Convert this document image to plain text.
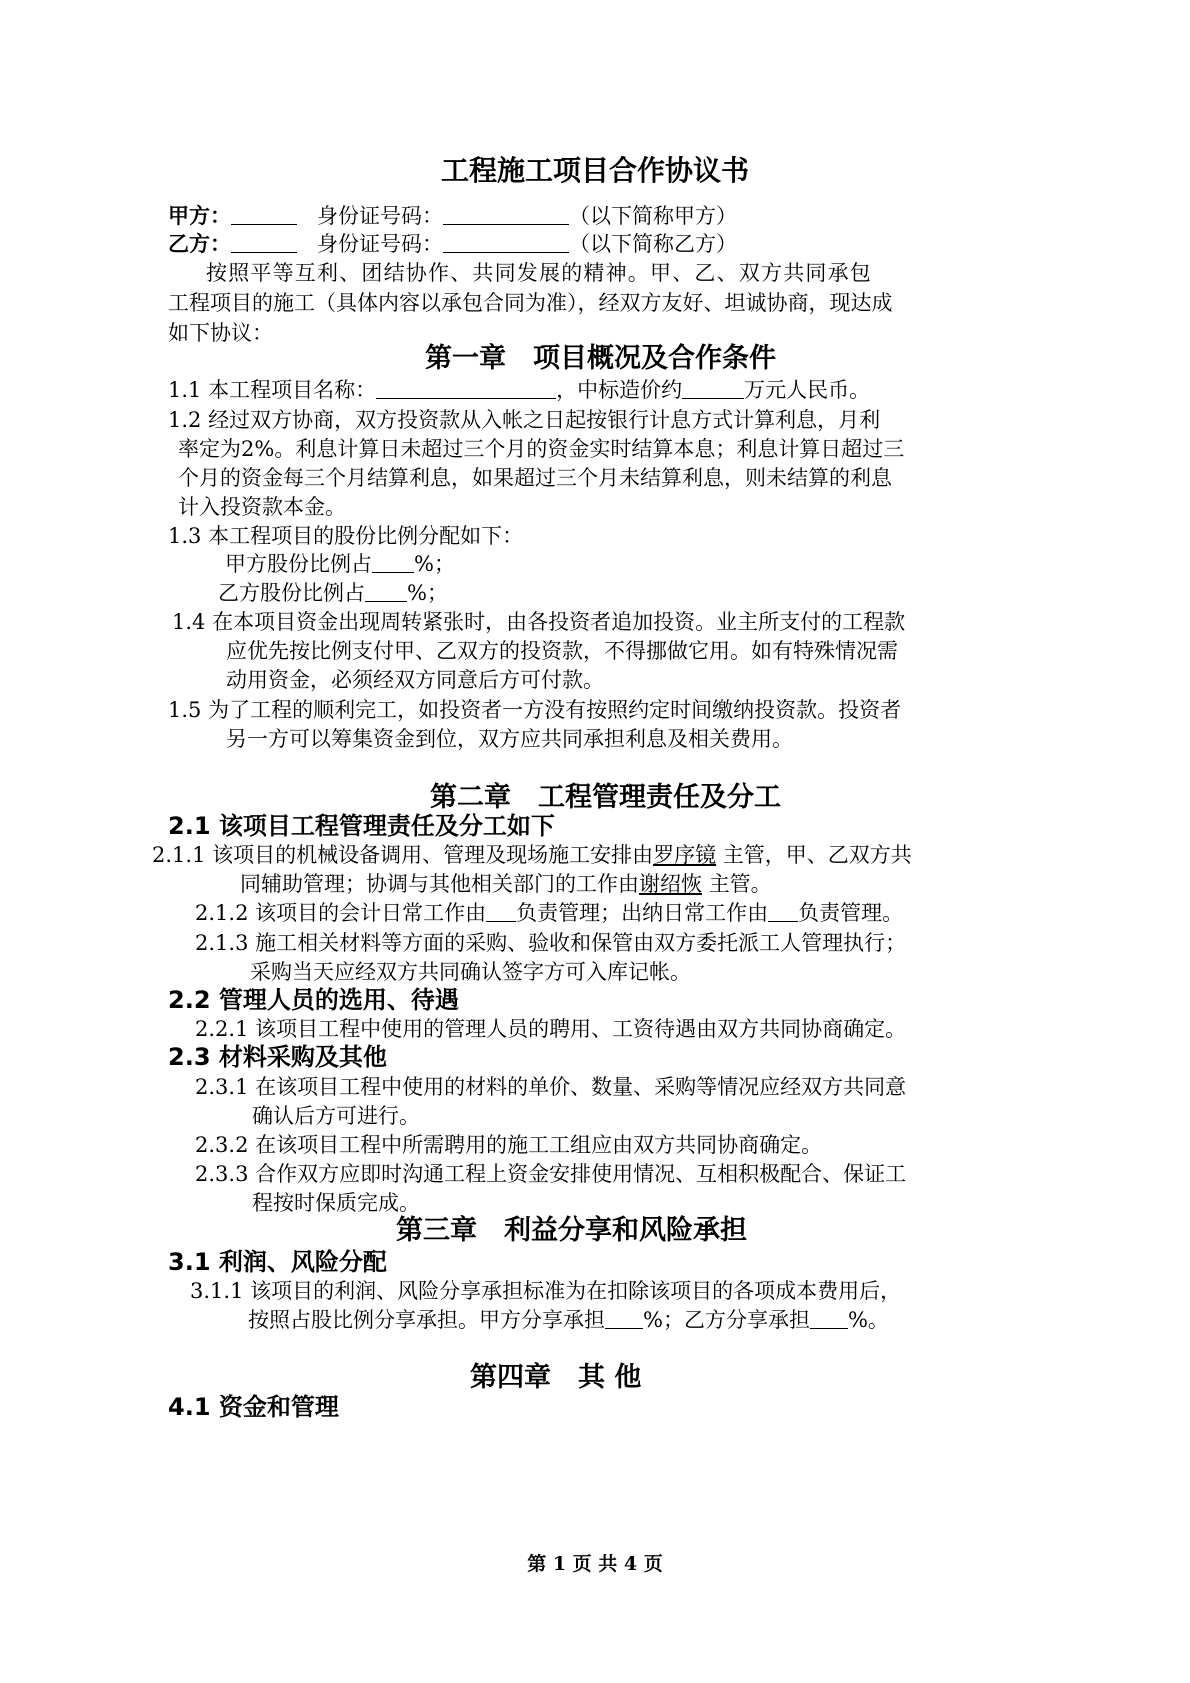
工程施工项目合作协议书
甲方：	身份证号码：	（以下简称甲方）
乙方：	身份证号码：	（以下简称乙方）
按照平等互利、团结协作、共同发展的精神。甲、乙、双方共同承包
工程项目的施工（具体内容以承包合同为准），经双方友好、坦诚协商，现达成
如下协议：
第一章　项目概况及合作条件
1.1 本工程项目名称：	，中标造价约	万元人民币。
1.2 经过双方协商，双方投资款从入帐之日起按银行计息方式计算利息，月利
率定为2%。利息计算日未超过三个月的资金实时结算本息；利息计算日超过三
个月的资金每三个月结算利息，如果超过三个月未结算利息，则未结算的利息
计入投资款本金。
1.3 本工程项目的股份比例分配如下：
甲方股份比例占 %；
乙方股份比例占 %；
1.4 在本项目资金出现周转紧张时，由各投资者追加投资。业主所支付的工程款
应优先按比例支付甲、乙双方的投资款，不得挪做它用。如有特殊情况需
动用资金，必须经双方同意后方可付款。
1.5 为了工程的顺利完工，如投资者一方没有按照约定时间缴纳投资款。投资者
另一方可以筹集资金到位，双方应共同承担利息及相关费用。
第二章　工程管理责任及分工
2.1 该项目工程管理责任及分工如下
2.1.1 该项目的机械设备调用、管理及现场施工安排由罗序镜 主管，甲、乙双方共
同辅助管理；协调与其他相关部门的工作由谢绍恢 主管。
2.1.2 该项目的会计日常工作由 负责管理；出纳日常工作由 负责管理。
2.1.3 施工相关材料等方面的采购、验收和保管由双方委托派工人管理执行；
采购当天应经双方共同确认签字方可入库记帐。
2.2 管理人员的选用、待遇
2.2.1 该项目工程中使用的管理人员的聘用、工资待遇由双方共同协商确定。
2.3 材料采购及其他
2.3.1 在该项目工程中使用的材料的单价、数量、采购等情况应经双方共同意
确认后方可进行。
2.3.2 在该项目工程中所需聘用的施工工组应由双方共同协商确定。
2.3.3 合作双方应即时沟通工程上资金安排使用情况、互相积极配合、保证工
程按时保质完成。
第三章　利益分享和风险承担
3.1 利润、风险分配
3.1.1 该项目的利润、风险分享承担标准为在扣除该项目的各项成本费用后，
按照占股比例分享承担。甲方分享承担 %；乙方分享承担 %。
第四章　其 他
4.1 资金和管理
第 1 页 共 4 页
